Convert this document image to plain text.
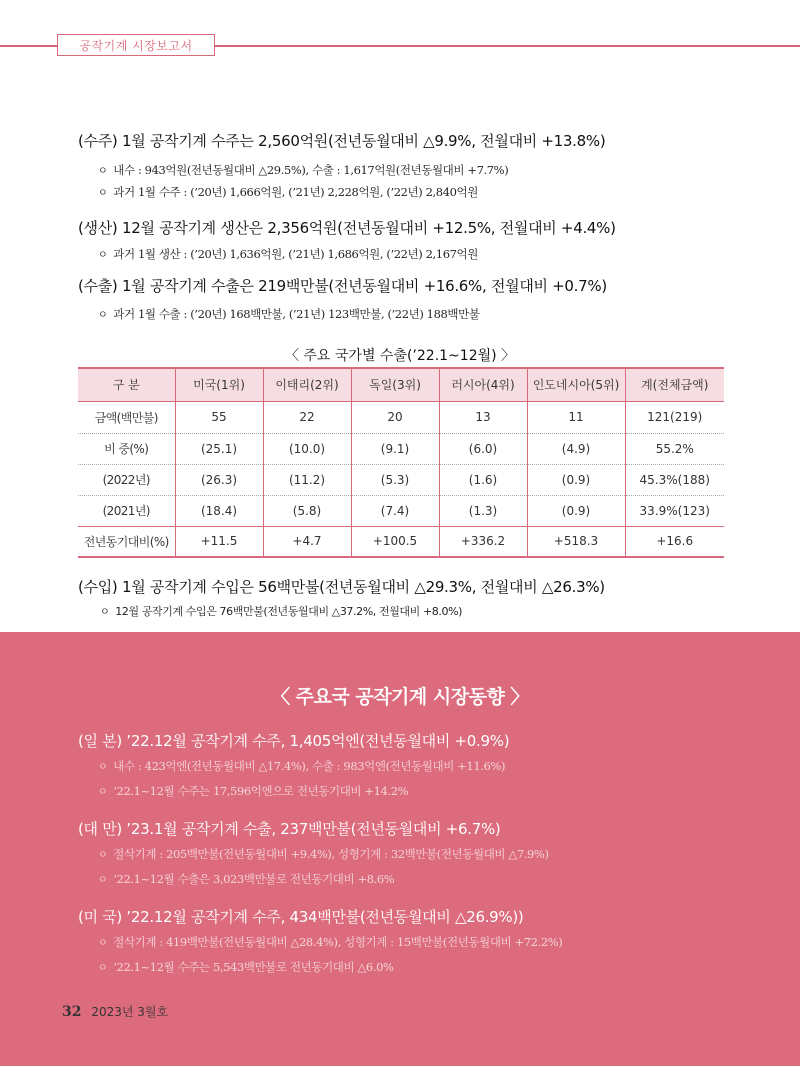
공작기계 시장보고서
(수주) 1월 공작기계 수주는 2,560억원(전년동월대비 △9.9%, 전월대비 +13.8%)
ㅇ 내수 : 943억원(전년동월대비 △29.5%), 수출 : 1,617억원(전년동월대비 +7.7%)
ㅇ 과거 1월 수주 : (’20년) 1,666억원, (’21년) 2,228억원, (’22년) 2,840억원
(생산) 12월 공작기계 생산은 2,356억원(전년동월대비 +12.5%, 전월대비 +4.4%)
ㅇ 과거 1월 생산 : (’20년) 1,636억원, (’21년) 1,686억원, (’22년) 2,167억원
(수출) 1월 공작기계 수출은 219백만불(전년동월대비 +16.6%, 전월대비 +0.7%)
ㅇ 과거 1월 수출 : (’20년) 168백만불, (’21년) 123백만불, (’22년) 188백만불
〈 주요 국가별 수출(’22.1~12월) 〉
구 분	미국(1위)	이태리(2위)	독일(3위)	러시아(4위)	인도네시아(5위)	계(전체금액)
금액(백만불)	55	22	20	13	11	121(219)
비 중(%)	(25.1)	(10.0)	(9.1)	(6.0)	(4.9)	55.2%
(2022년)	(26.3)	(11.2)	(5.3)	(1.6)	(0.9)	45.3%(188)
(2021년)	(18.4)	(5.8)	(7.4)	(1.3)	(0.9)	33.9%(123)
전년동기대비(%)	+11.5	+4.7	+100.5	+336.2	+518.3	+16.6
(수입) 1월 공작기계 수입은 56백만불(전년동월대비 △29.3%, 전월대비 △26.3%)
ㅇ 12월 공작기계 수입은 76백만불(전년동월대비 △37.2%, 전월대비 +8.0%)
〈 주요국 공작기계 시장동향 〉
(일 본) ’22.12월 공작기계 수주, 1,405억엔(전년동월대비 +0.9%)
ㅇ 내수 : 423억엔(전년동월대비 △17.4%), 수출 : 983억엔(전년동월대비 +11.6%)
ㅇ ’22.1~12월 수주는 17,596억엔으로 전년동기대비 +14.2%
(대 만) ’23.1월 공작기계 수출, 237백만불(전년동월대비 +6.7%)
ㅇ 절삭기계 : 205백만불(전년동월대비 +9.4%), 성형기계 : 32백만불(전년동월대비 △7.9%)
ㅇ ’22.1~12월 수출은 3,023백만불로 전년동기대비 +8.6%
(미 국) ’22.12월 공작기계 수주, 434백만불(전년동월대비 △26.9%))
ㅇ 절삭기계 : 419백만불(전년동월대비 △28.4%), 성형기계 : 15백만불(전년동월대비 +72.2%)
ㅇ ’22.1~12월 수주는 5,543백만불로 전년동기대비 △6.0%
32 2023년 3월호
